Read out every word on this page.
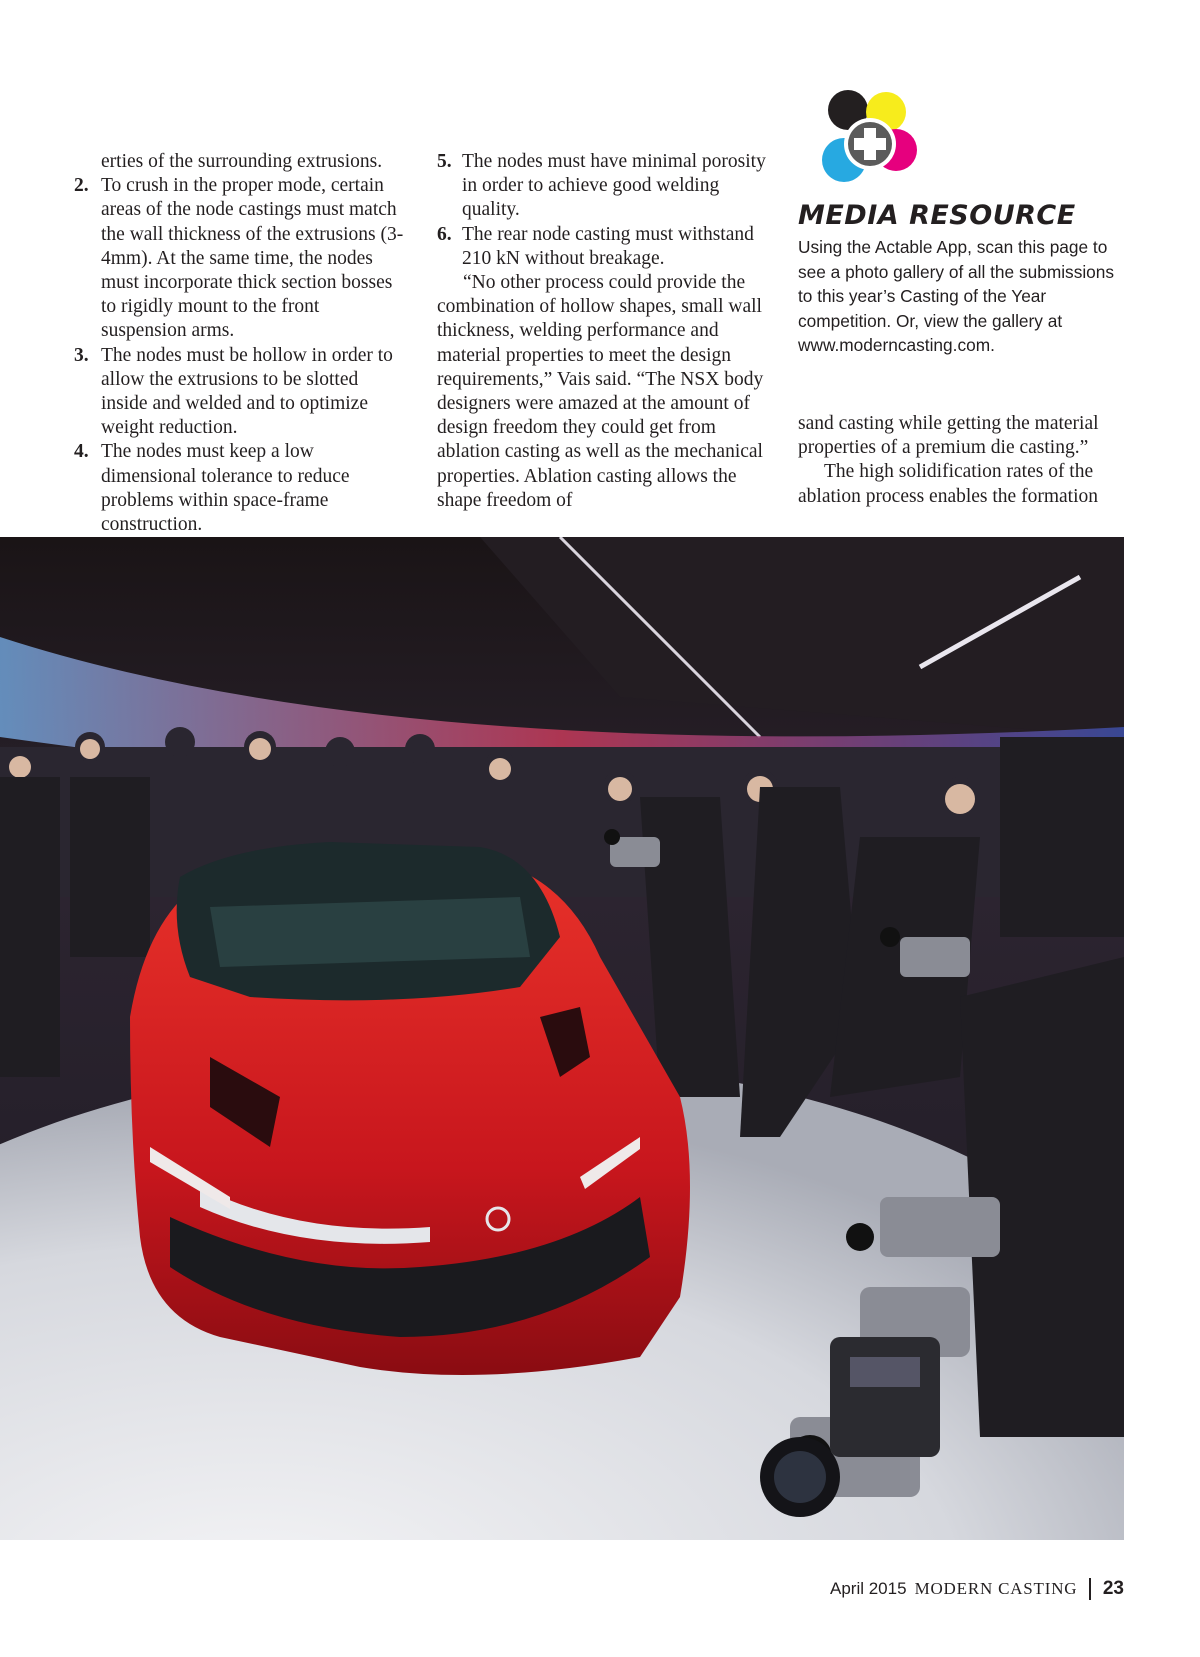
erties of the surrounding extrusions.

2. To crush in the proper mode, certain areas of the node castings must match the wall thickness of the extrusions (3-4mm). At the same time, the nodes must incorporate thick section bosses to rigidly mount to the front suspension arms.
3. The nodes must be hollow in order to allow the extrusions to be slotted inside and welded and to optimize weight reduction.
4. The nodes must keep a low dimensional tolerance to reduce problems within space-frame construction.
5. The nodes must have minimal porosity in order to achieve good welding quality.
6. The rear node casting must withstand 210 kN without breakage.

“No other process could provide the combination of hollow shapes, small wall thickness, welding performance and material properties to meet the design requirements,” Vais said. “The NSX body designers were amazed at the amount of design freedom they could get from ablation casting as well as the mechanical properties. Ablation casting allows the shape freedom of

MEDIA RESOURCE

Using the Actable App, scan this page to see a photo gallery of all the submissions to this year’s Casting of the Year competition. Or, view the gallery at www.moderncasting.com.

sand casting while getting the material properties of a premium die casting.”

The high solidification rates of the ablation process enables the formation

April 2015 MODERN CASTING 23
